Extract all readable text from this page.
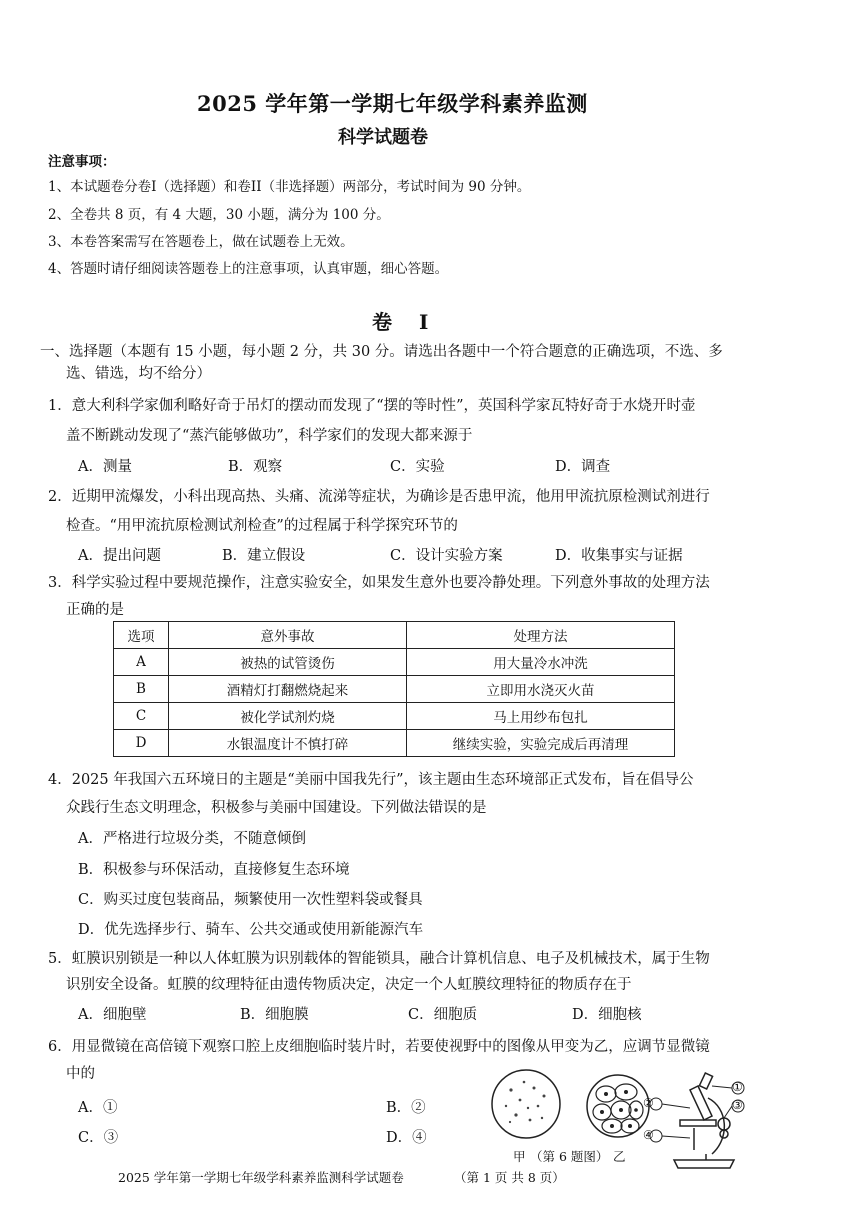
2025 学年第一学期七年级学科素养监测
科学试题卷
注意事项：
1、本试题卷分卷I（选择题）和卷II（非选择题）两部分，考试时间为 90 分钟。
2、全卷共 8 页，有 4 大题，30 小题，满分为 100 分。
3、本卷答案需写在答题卷上，做在试题卷上无效。
4、答题时请仔细阅读答题卷上的注意事项，认真审题，细心答题。
卷 I
一、选择题（本题有 15 小题，每小题 2 分，共 30 分。请选出各题中一个符合题意的正确选项，不选、多
选、错选，均不给分）
1．意大利科学家伽利略好奇于吊灯的摆动而发现了“摆的等时性”，英国科学家瓦特好奇于水烧开时壶
盖不断跳动发现了“蒸汽能够做功”，科学家们的发现大都来源于
A．测量	B．观察	C．实验	D．调查
2．近期甲流爆发，小科出现高热、头痛、流涕等症状，为确诊是否患甲流，他用甲流抗原检测试剂进行
检查。“用甲流抗原检测试剂检查”的过程属于科学探究环节的
A．提出问题	B．建立假设	C．设计实验方案	D．收集事实与证据
3．科学实验过程中要规范操作，注意实验安全，如果发生意外也要冷静处理。下列意外事故的处理方法
正确的是
选项	意外事故	处理方法
A	被热的试管烫伤	用大量冷水冲洗
B	酒精灯打翻燃烧起来	立即用水浇灭火苗
C	被化学试剂灼烧	马上用纱布包扎
D	水银温度计不慎打碎	继续实验，实验完成后再清理
4．2025 年我国六五环境日的主题是“美丽中国我先行”，该主题由生态环境部正式发布，旨在倡导公
众践行生态文明理念，积极参与美丽中国建设。下列做法错误的是
A．严格进行垃圾分类，不随意倾倒
B．积极参与环保活动，直接修复生态环境
C．购买过度包装商品，频繁使用一次性塑料袋或餐具
D．优先选择步行、骑车、公共交通或使用新能源汽车
5．虹膜识别锁是一种以人体虹膜为识别载体的智能锁具，融合计算机信息、电子及机械技术，属于生物
识别安全设备。虹膜的纹理特征由遗传物质决定，决定一个人虹膜纹理特征的物质存在于
A．细胞壁	B．细胞膜	C．细胞质	D．细胞核
6．用显微镜在高倍镜下观察口腔上皮细胞临时装片时，若要使视野中的图像从甲变为乙，应调节显微镜
中的
A．①	B．②
C．③	D．④
②
①
③
④
甲 （第 6 题图） 乙
2025 学年第一学期七年级学科素养监测科学试题卷	（第 1 页 共 8 页）
